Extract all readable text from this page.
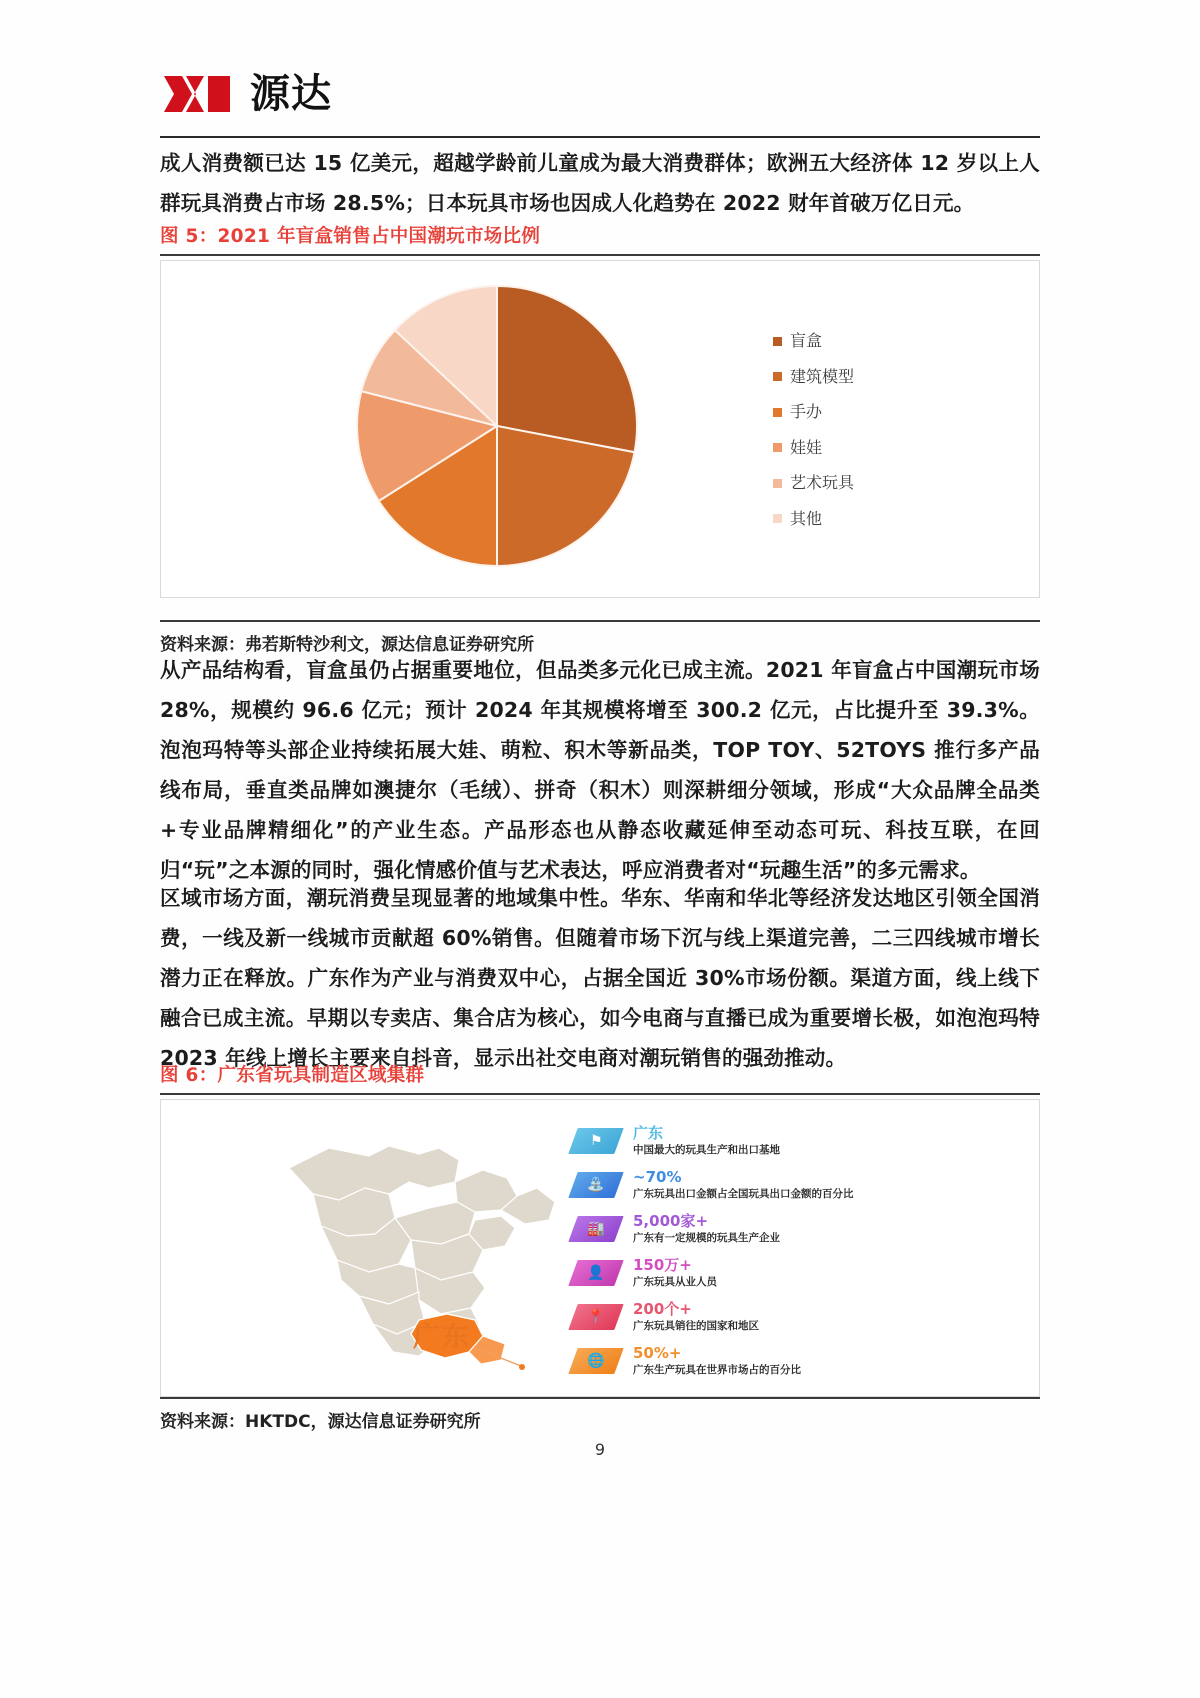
源达
成人消费额已达 15 亿美元，超越学龄前儿童成为最大消费群体；欧洲五大经济体 12 岁以上人群玩具消费占市场 28.5%；日本玩具市场也因成人化趋势在 2022 财年首破万亿日元。
图 5：2021 年盲盒销售占中国潮玩市场比例
盲盒
建筑模型
手办
娃娃
艺术玩具
其他
资料来源：弗若斯特沙利文，源达信息证券研究所
从产品结构看，盲盒虽仍占据重要地位，但品类多元化已成主流。2021 年盲盒占中国潮玩市场 28%，规模约 96.6 亿元；预计 2024 年其规模将增至 300.2 亿元，占比提升至 39.3%。泡泡玛特等头部企业持续拓展大娃、萌粒、积木等新品类，TOP TOY、52TOYS 推行多产品线布局，垂直类品牌如澳捷尔（毛绒）、拼奇（积木）则深耕细分领域，形成“大众品牌全品类+专业品牌精细化”的产业生态。产品形态也从静态收藏延伸至动态可玩、科技互联，在回归“玩”之本源的同时，强化情感价值与艺术表达，呼应消费者对“玩趣生活”的多元需求。
区域市场方面，潮玩消费呈现显著的地域集中性。华东、华南和华北等经济发达地区引领全国消费，一线及新一线城市贡献超 60%销售。但随着市场下沉与线上渠道完善，二三四线城市增长潜力正在释放。广东作为产业与消费双中心，占据全国近 30%市场份额。渠道方面，线上线下融合已成主流。早期以专卖店、集合店为核心，如今电商与直播已成为重要增长极，如泡泡玛特2023 年线上增长主要来自抖音，显示出社交电商对潮玩销售的强劲推动。
图 6：广东省玩具制造区域集群
广东
⚑ 广东
中国最大的玩具生产和出口基地
⛲ ~70%
广东玩具出口金额占全国玩具出口金额的百分比
🏭 5,000家+
广东有一定规模的玩具生产企业
👤 150万+
广东玩具从业人员
📍 200个+
广东玩具销往的国家和地区
🌐 50%+
广东生产玩具在世界市场占的百分比
资料来源：HKTDC，源达信息证券研究所
9
